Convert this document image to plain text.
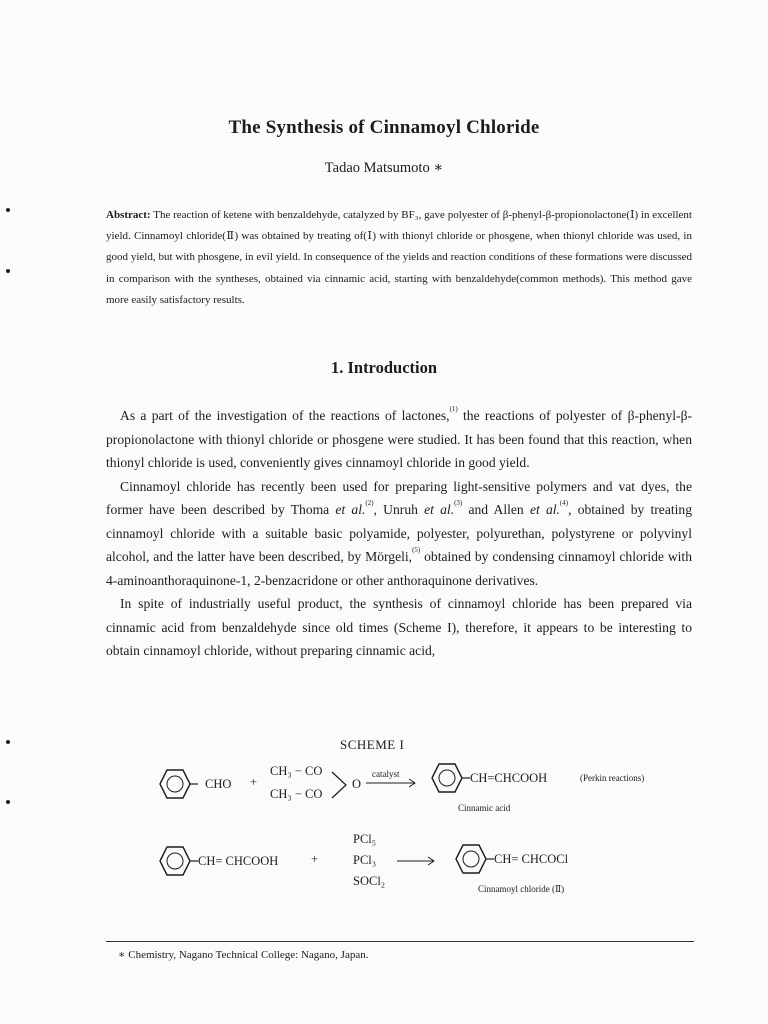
The Synthesis of Cinnamoyl Chloride
Tadao Matsumoto ∗
Abstract: The reaction of ketene with benzaldehyde, catalyzed by BF₃, gave polyester of β-phenyl-β-propionolactone(Ⅰ) in excellent yield. Cinnamoyl chloride(Ⅱ) was obtained by treating of(Ⅰ) with thionyl chloride or phosgene, when thionyl chloride was used, in good yield, but with phosgene, in evil yield. In consequence of the yields and reaction conditions of these formations were discussed in comparison with the syntheses, obtained via cinnamic acid, starting with benzaldehyde(common methods). This method gave more easily satisfactory results.
1. Introduction

As a part of the investigation of the reactions of lactones,$^{(1)}$ the reactions of polyester of β-phenyl-β-propionolactone with thionyl chloride or phosgene were studied. It has been found that this reaction, when thionyl chloride is used, conveniently gives cinnamoyl chloride in good yield.

Cinnamoyl chloride has recently been used for preparing light-sensitive polymers and vat dyes, the former have been described by Thoma et al.$^{(2)}$, Unruh et al.$^{(3)}$ and Allen et al.$^{(4)}$, obtained by treating cinnamoyl chloride with a suitable basic polyamide, polyester, polyurethan, polystyrene or polyvinyl alcohol, and the latter have been described, by Mörgeli,$^{(5)}$ obtained by condensing cinnamoyl chloride with 4-aminoanthoraquinone-1, 2-benzacridone or other anthoraquinone derivatives.

In spite of industrially useful product, the synthesis of cinnamoyl chloride has been prepared via cinnamic acid from benzaldehyde since old times (Scheme I), therefore, it appears to be interesting to obtain cinnamoyl chloride, without preparing cinnamic acid,

SCHEME I
CHO +
CH₃ − CO
CH₃ − CO
O
catalyst	CH=CHCOOH	(Perkin reactions)
Cinnamic acid
CH= CHCOOH	+
PCl₅
PCl₃
SOCl₂
CH= CHCOCl
Cinnamoyl chloride (Ⅱ)
∗ Chemistry, Nagano Technical College: Nagano, Japan.
